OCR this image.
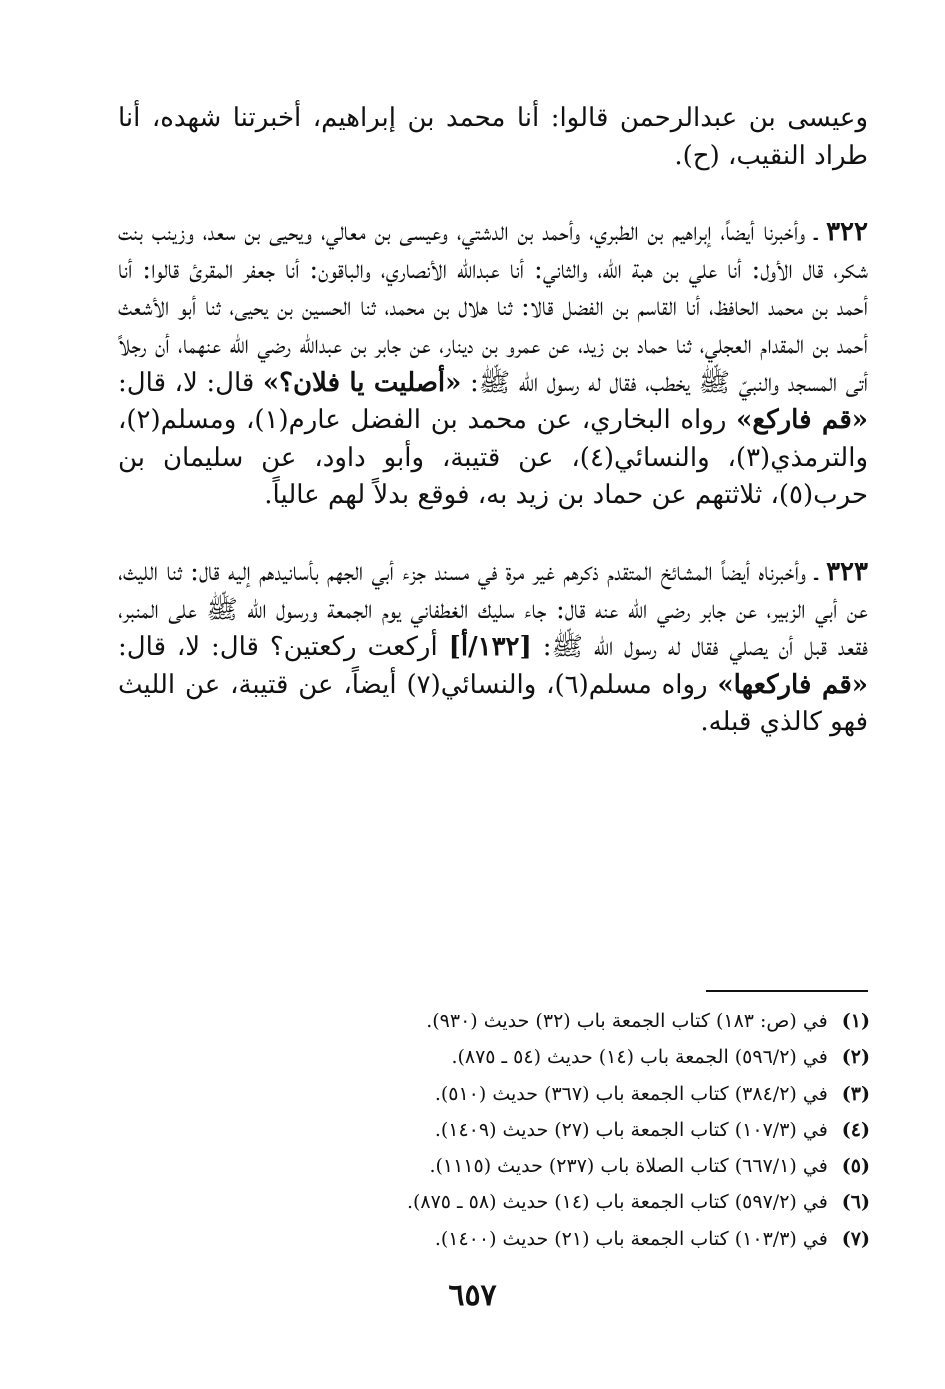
وعيسى بن عبدالرحمن قالوا: أنا محمد بن إبراهيم، أخبرتنا شهده، أنا طراد النقيب، (ح).

٣٢٢ ـ وأخبرنا أيضاً، إبراهيم بن الطبري، وأحمد بن الدشتي، وعيسى بن معالي، ويحيى بن سعد، وزينب بنت شكر، قال الأول: أنا علي بن هبة الله، والثاني: أنا عبدالله الأنصاري، والباقون: أنا جعفر المقرئ قالوا: أنا أحمد بن محمد الحافظ، أنا القاسم بن الفضل قالا: ثنا هلال بن محمد، ثنا الحسين بن يحيى، ثنا أبو الأشعث أحمد بن المقدام العجلي، ثنا حماد بن زيد، عن عمرو بن دينار، عن جابر بن عبدالله رضي الله عنهما، أن رجلاً أتى المسجد والنبيّ ﷺ يخطب، فقال له رسول الله ﷺ: «أصليت يا فلان؟» قال: لا، قال: «قم فاركع» رواه البخاري، عن محمد بن الفضل عارم(١)، ومسلم(٢)، والترمذي(٣)، والنسائي(٤)، عن قتيبة، وأبو داود، عن سليمان بن حرب(٥)، ثلاثتهم عن حماد بن زيد به، فوقع بدلاً لهم عالياً.

٣٢٣ ـ وأخبرناه أيضاً المشائخ المتقدم ذكرهم غير مرة في مسند جزء أبي الجهم بأسانيدهم إليه قال: ثنا الليث، عن أبي الزبير، عن جابر رضي الله عنه قال: جاء سليك الغطفاني يوم الجمعة ورسول الله ﷺ على المنبر، فقعد قبل أن يصلي فقال له رسول الله ﷺ: [١٣٢/أ] أركعت ركعتين؟ قال: لا، قال: «قم فاركعها» رواه مسلم(٦)، والنسائي(٧) أيضاً، عن قتيبة، عن الليث فهو كالذي قبله.

(١)في (ص: ١٨٣) كتاب الجمعة باب (٣٢) حديث (٩٣٠).
(٢)في (٥٩٦/٢) الجمعة باب (١٤) حديث (٥٤ ـ ٨٧٥).
(٣)في (٣٨٤/٢) كتاب الجمعة باب (٣٦٧) حديث (٥١٠).
(٤)في (١٠٧/٣) كتاب الجمعة باب (٢٧) حديث (١٤٠٩).
(٥)في (٦٦٧/١) كتاب الصلاة باب (٢٣٧) حديث (١١١٥).
(٦)في (٥٩٧/٢) كتاب الجمعة باب (١٤) حديث (٥٨ ـ ٨٧٥).
(٧)في (١٠٣/٣) كتاب الجمعة باب (٢١) حديث (١٤٠٠).
٦٥٧
